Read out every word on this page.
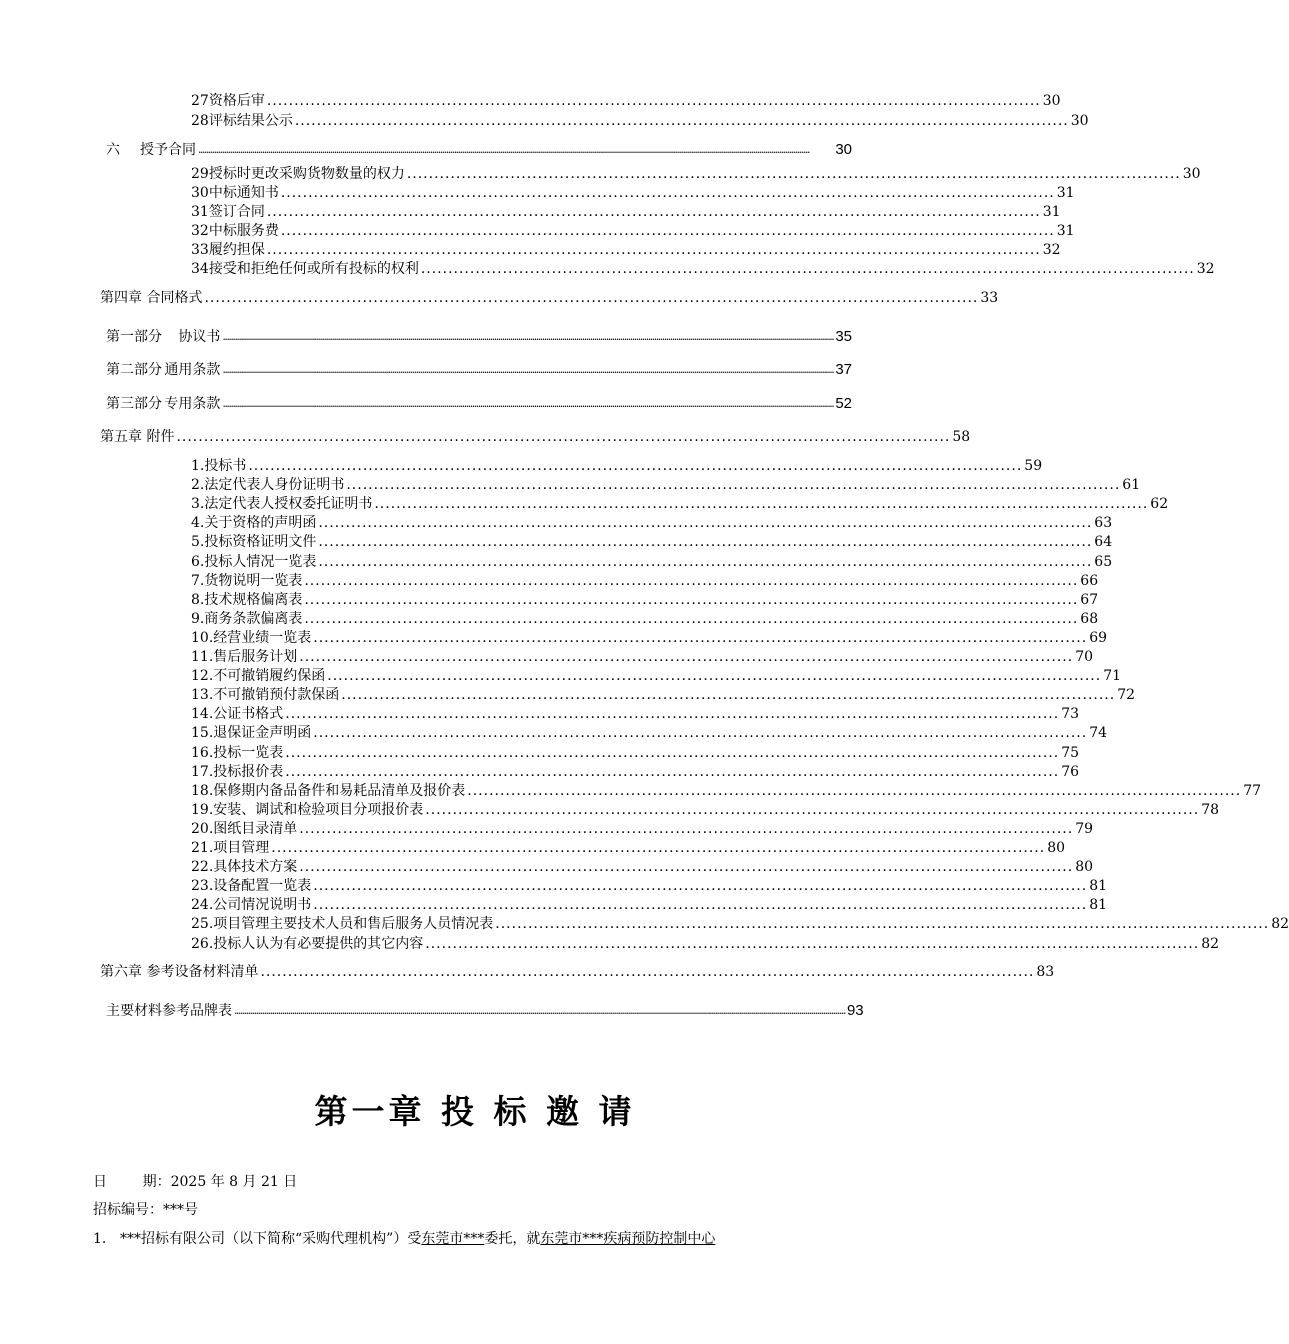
27 资格后审 .............................................................................................................................................. 30
28 评标结果公示 .............................................................................................................................................. 30
六	授予合同 ..................................................................................................................................................................................................................................................................................................................	30
29 授标时更改采购货物数量的权力 .............................................................................................................................................. 30
30 中标通知书 .............................................................................................................................................. 31
31 签订合同 .............................................................................................................................................. 31
32 中标服务费 .............................................................................................................................................. 31
33 履约担保 .............................................................................................................................................. 32
34 接受和拒绝任何或所有投标的权利 .............................................................................................................................................. 32
第四章 合同格式 .............................................................................................................................................. 33
第一部分	协议书 .................................................................................................................................................................................................................................................................................................................. 35
第二部分 通用条款 .................................................................................................................................................................................................................................................................................................................. 37
第三部分 专用条款 .................................................................................................................................................................................................................................................................................................................. 52
第五章 附件 .............................................................................................................................................. 58
1. 投标书 .............................................................................................................................................. 59
2. 法定代表人身份证明书 .............................................................................................................................................. 61
3. 法定代表人授权委托证明书 .............................................................................................................................................. 62
4. 关于资格的声明函 .............................................................................................................................................. 63
5. 投标资格证明文件 .............................................................................................................................................. 64
6. 投标人情况一览表 .............................................................................................................................................. 65
7. 货物说明一览表 .............................................................................................................................................. 66
8. 技术规格偏离表 .............................................................................................................................................. 67
9. 商务条款偏离表 .............................................................................................................................................. 68
10. 经营业绩一览表 .............................................................................................................................................. 69
11. 售后服务计划 .............................................................................................................................................. 70
12. 不可撤销履约保函 .............................................................................................................................................. 71
13. 不可撤销预付款保函 .............................................................................................................................................. 72
14. 公证书格式 .............................................................................................................................................. 73
15. 退保证金声明函 .............................................................................................................................................. 74
16. 投标一览表 .............................................................................................................................................. 75
17. 投标报价表 .............................................................................................................................................. 76
18. 保修期内备品备件和易耗品清单及报价表 .............................................................................................................................................. 77
19. 安装、调试和检验项目分项报价表 .............................................................................................................................................. 78
20. 图纸目录清单 .............................................................................................................................................. 79
21. 项目管理 .............................................................................................................................................. 80
22. 具体技术方案 .............................................................................................................................................. 80
23. 设备配置一览表 .............................................................................................................................................. 81
24. 公司情况说明书 .............................................................................................................................................. 81
25. 项目管理主要技术人员和售后服务人员情况表 .............................................................................................................................................. 82
26. 投标人认为有必要提供的其它内容 .............................................................................................................................................. 82
第六章 参考设备材料清单 .............................................................................................................................................. 83
主要材料参考品牌表 .................................................................................................................................................................................................................................................................................................................. 93
第一章 投 标 邀 请
日        期：2025 年 8 月 21 日
招标编号：***号
1. ***招标有限公司（以下简称“采购代理机构”）受东莞市***委托，就东莞市***疾病预防控制中心
